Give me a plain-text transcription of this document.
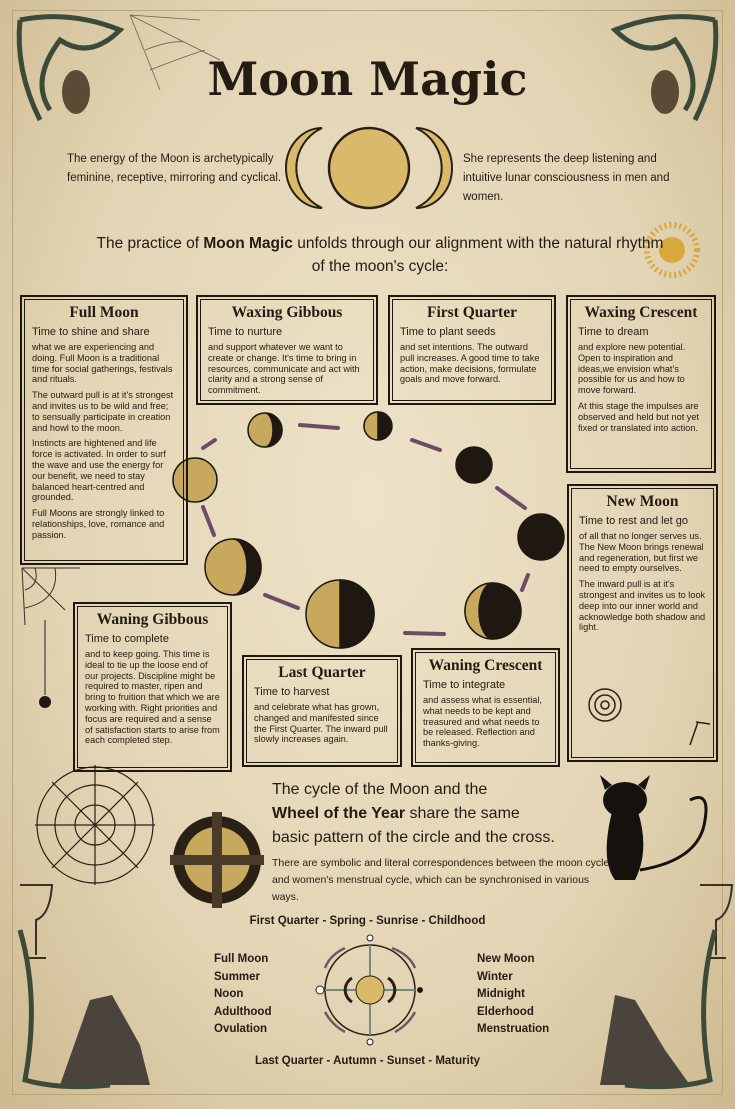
Moon Magic
The energy of the Moon is archetypically feminine, receptive, mirroring and cyclical.
She represents the deep listening and intuitive lunar consciousness in men and women.
The practice of Moon Magic unfolds through our alignment with the natural rhythm of the moon's cycle:
Full Moon
Time to shine and share

what we are experiencing and doing. Full Moon is a traditional time for social gatherings, festivals and rituals.

The outward pull is at it's strongest and invites us to be wild and free; to sensually participate in creation and howl to the moon.

Instincts are hightened and life force is activated. In order to surf the wave and use the energy for our benefit, we need to stay balanced heart-centred and grounded.

Full Moons are strongly linked to relationships, love, romance and passion.

Waxing Gibbous
Time to nurture

and support whatever we want to create or change. It's time to bring in resources, communicate and act with clarity and a strong sense of commitment.

First Quarter
Time to plant seeds

and set intentions. The outward pull increases. A good time to take action, make decisions, formulate goals and move forward.

Waxing Crescent
Time to dream

and explore new potential. Open to inspiration and ideas,we envision what's possible for us and how to move forward.

At this stage the impulses are observed and held but not yet fixed or translated into action.

New Moon
Time to rest and let go

of all that no longer serves us. The New Moon brings renewal and regeneration, but first we need to empty ourselves.

The inward pull is at it's strongest and invites us to look deep into our inner world and acknowledge both shadow and light.

Waning Gibbous
Time to complete

and to keep going. This time is ideal to tie up the loose end of our projects. Discipline might be required to master, ripen and bring to fruition that which we are working with. Right priorities and focus are required and a sense of satisfaction starts to arise from each completed step.

Last Quarter
Time to harvest

and celebrate what has grown, changed and manifested since the First Quarter. The inward pull slowly increases again.

Waning Crescent
Time to integrate

and assess what is essential, what needs to be kept and treasured and what needs to be released. Reflection and thanks-giving.

The cycle of the Moon and the
Wheel of the Year share the same
basic pattern of the circle and the cross.
There are symbolic and literal correspondences between the moon cycle and women's menstrual cycle, which can be synchronised in various ways.
First Quarter - Spring - Sunrise - Childhood
Last Quarter - Autumn - Sunset - Maturity
Full Moon
Summer
Noon
Adulthood
Ovulation
New Moon
Winter
Midnight
Elderhood
Menstruation
